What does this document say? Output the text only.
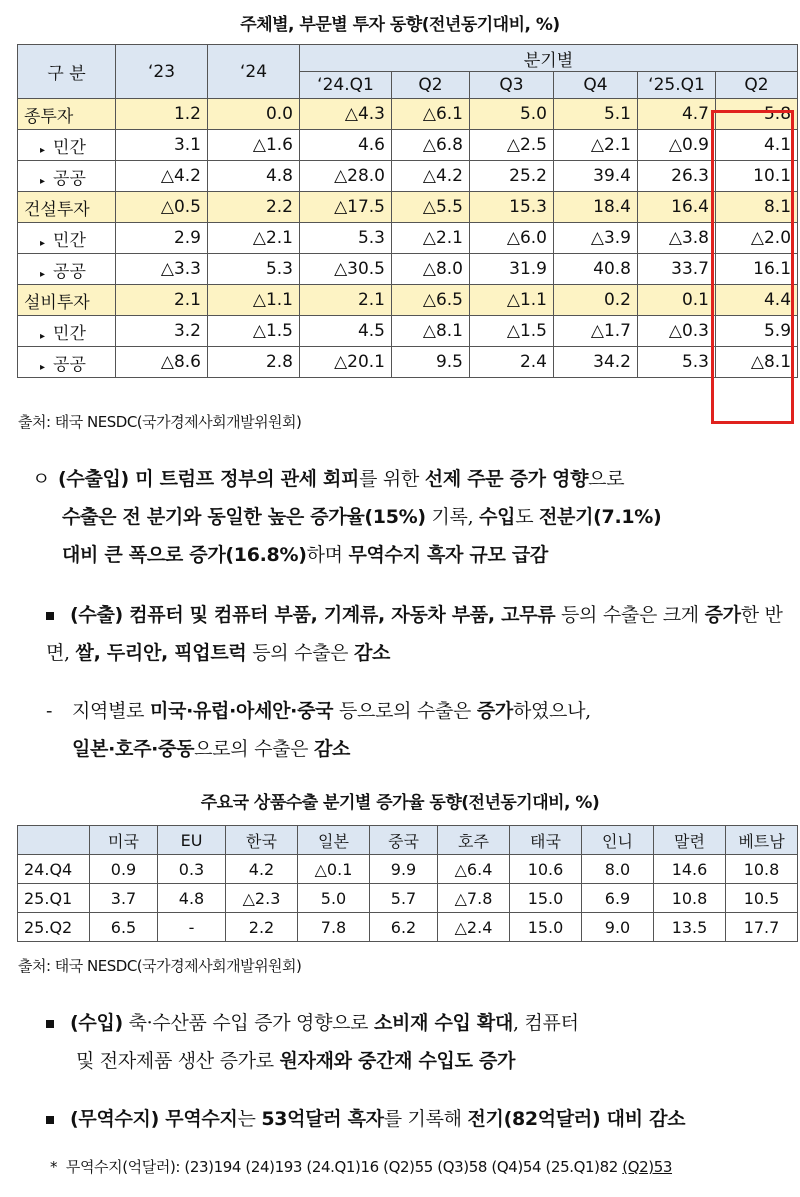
주체별, 부문별 투자 동향(전년동기대비, %)
구 분	‘23	‘24	분기별					
			‘24.Q1	Q2	Q3	Q4	‘25.Q1	Q2
종투자	1.2	0.0	△4.3	△6.1	5.0	5.1	4.7	5.8
▸ 민간	3.1	△1.6	4.6	△6.8	△2.5	△2.1	△0.9	4.1
▸ 공공	△4.2	4.8	△28.0	△4.2	25.2	39.4	26.3	10.1
건설투자	△0.5	2.2	△17.5	△5.5	15.3	18.4	16.4	8.1
▸ 민간	2.9	△2.1	5.3	△2.1	△6.0	△3.9	△3.8	△2.0
▸ 공공	△3.3	5.3	△30.5	△8.0	31.9	40.8	33.7	16.1
설비투자	2.1	△1.1	2.1	△6.5	△1.1	0.2	0.1	4.4
▸ 민간	3.2	△1.5	4.5	△8.1	△1.5	△1.7	△0.3	5.9
▸ 공공	△8.6	2.8	△20.1	9.5	2.4	34.2	5.3	△8.1
출처: 태국 NESDC(국가경제사회개발위원회)
ㅇ (수출입) 미 트럼프 정부의 관세 회피를 위한 선제 주문 증가 영향으로
수출은 전 분기와 동일한 높은 증가율(15%) 기록, 수입도 전분기(7.1%)
대비 큰 폭으로 증가(16.8%)하며 무역수지 흑자 규모 급감
(수출) 컴퓨터 및 컴퓨터 부품, 기계류, 자동차 부품, 고무류 등의 수출은 크게 증가한 반면, 쌀, 두리안, 픽업트럭 등의 수출은 감소
- 지역별로 미국·유럽·아세안·중국 등으로의 수출은 증가하였으나,
일본·호주·중동으로의 수출은 감소
주요국 상품수출 분기별 증가율 동향(전년동기대비, %)
	미국	EU	한국	일본	중국	호주	태국	인니	말련	베트남
24.Q4	0.9	0.3	4.2	△0.1	9.9	△6.4	10.6	8.0	14.6	10.8
25.Q1	3.7	4.8	△2.3	5.0	5.7	△7.8	15.0	6.9	10.8	10.5
25.Q2	6.5	-	2.2	7.8	6.2	△2.4	15.0	9.0	13.5	17.7
출처: 태국 NESDC(국가경제사회개발위원회)
(수입) 축·수산품 수입 증가 영향으로 소비재 수입 확대, 컴퓨터
및 전자제품 생산 증가로 원자재와 중간재 수입도 증가
(무역수지) 무역수지는 53억달러 흑자를 기록해 전기(82억달러) 대비 감소
* 무역수지(억달러): (23)194 (24)193 (24.Q1)16 (Q2)55 (Q3)58 (Q4)54 (25.Q1)82 (Q2)53
